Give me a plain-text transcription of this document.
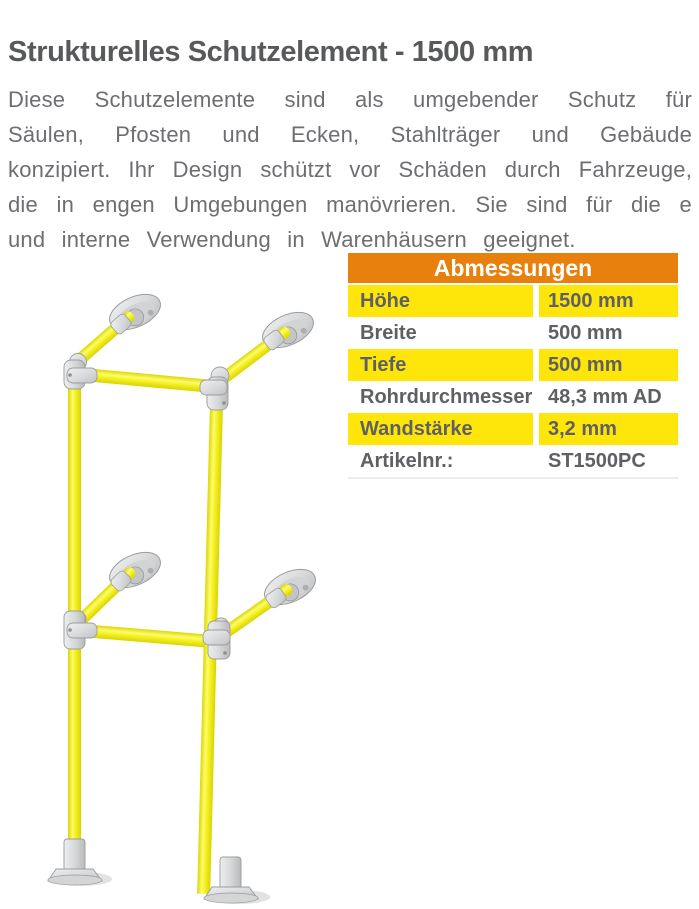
Strukturelles Schutzelement - 1500 mm

Diese Schutzelemente sind als umgebender Schutz für Säulen, Pfosten und Ecken, Stahlträger und Gebäude konzipiert. Ihr Design schützt vor Schäden durch Fahrzeuge, die in engen Umgebungen manövrieren. Sie sind für die e und interne Verwendung in Warenhäusern geeignet.

Abmessungen
Höhe	1500 mm
Breite	500 mm
Tiefe	500 mm
Rohrdurchmesser 48,3 mm AD
Wandstärke	3,2 mm
Artikelnr.:	ST1500PC
